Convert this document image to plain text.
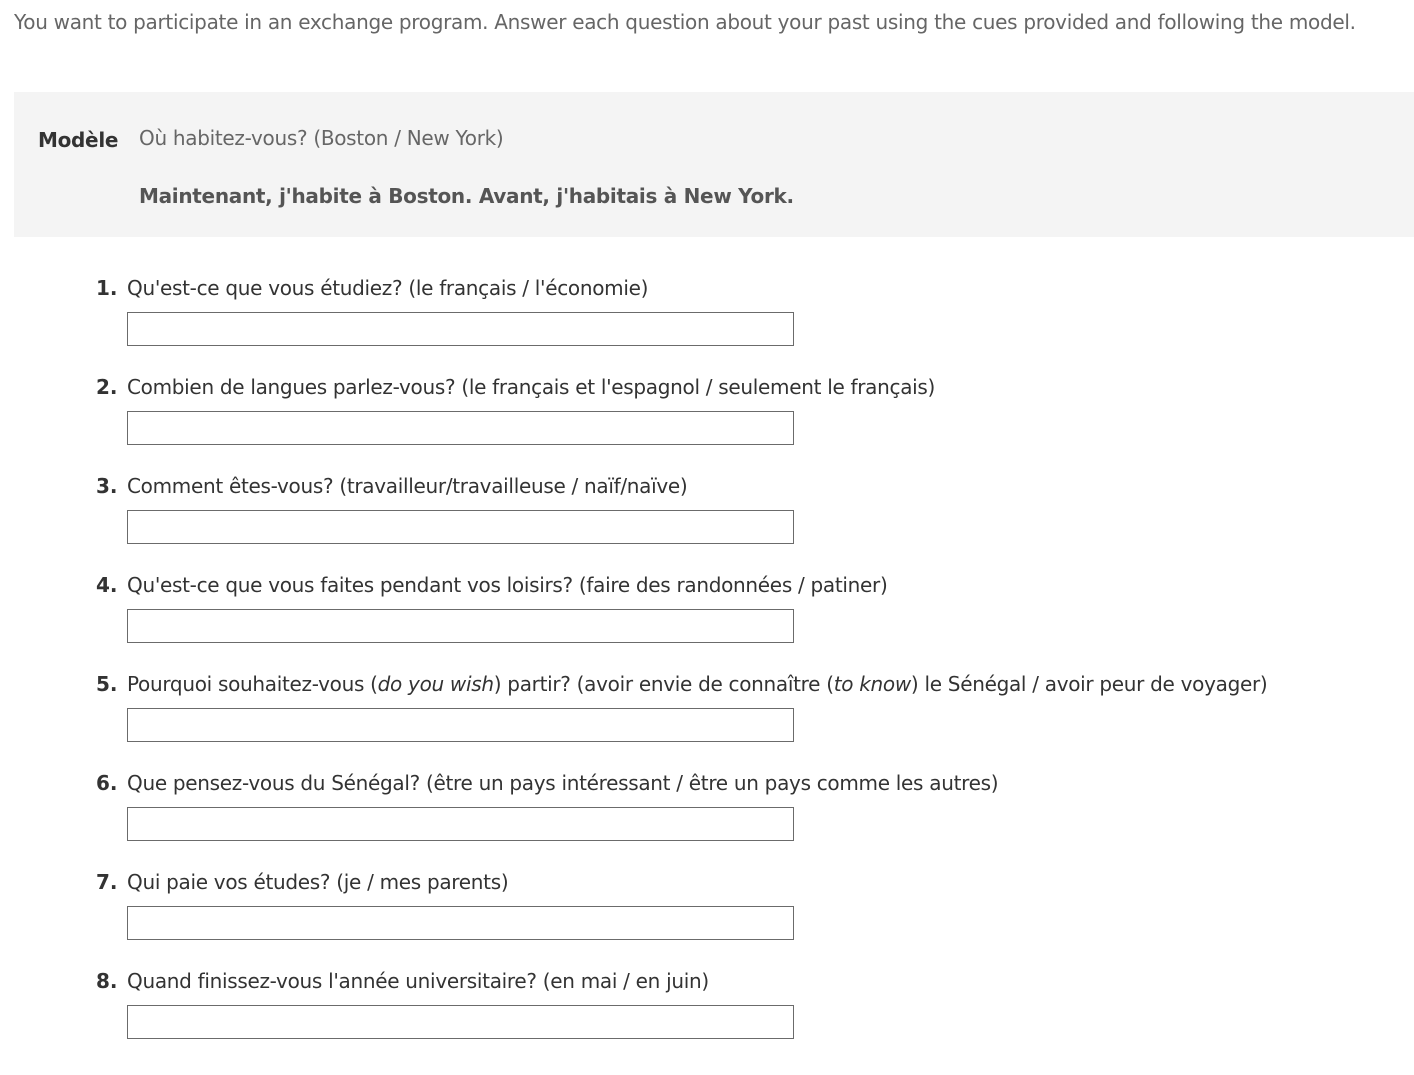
You want to participate in an exchange program. Answer each question about your past using the cues provided and following the model.
Modèle Où habitez-vous? (Boston / New York)
Maintenant, j'habite à Boston. Avant, j'habitais à New York.
1. Qu'est-ce que vous étudiez? (le français / l'économie)
2. Combien de langues parlez-vous? (le français et l'espagnol / seulement le français)
3. Comment êtes-vous? (travailleur/travailleuse / naïf/naïve)
4. Qu'est-ce que vous faites pendant vos loisirs? (faire des randonnées / patiner)
5. Pourquoi souhaitez-vous (do you wish) partir? (avoir envie de connaître (to know) le Sénégal / avoir peur de voyager)
6. Que pensez-vous du Sénégal? (être un pays intéressant / être un pays comme les autres)
7. Qui paie vos études? (je / mes parents)
8. Quand finissez-vous l'année universitaire? (en mai / en juin)
